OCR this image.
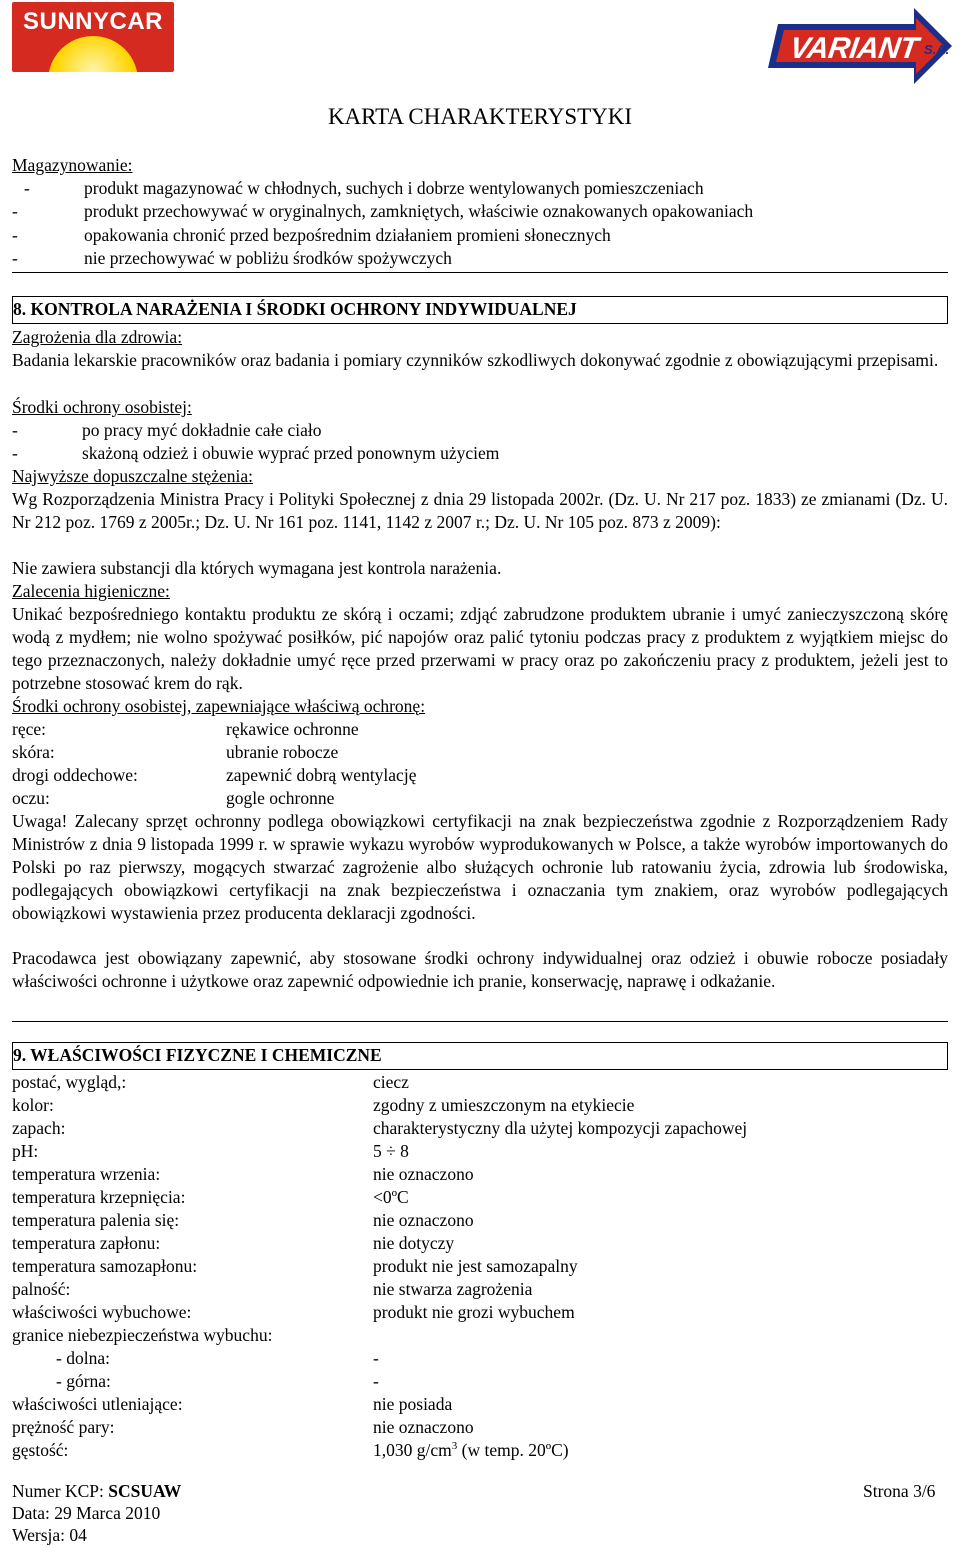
SUNNYCAR
VARIANT S.A.
KARTA CHARAKTERYSTYKI
Magazynowanie:
-	produkt magazynować w chłodnych, suchych i dobrze wentylowanych pomieszczeniach
-	produkt przechowywać w oryginalnych, zamkniętych, właściwie oznakowanych opakowaniach
-	opakowania chronić przed bezpośrednim działaniem promieni słonecznych
-	nie przechowywać w pobliżu środków spożywczych
8. KONTROLA NARAŻENIA I ŚRODKI OCHRONY INDYWIDUALNEJ
Zagrożenia dla zdrowia:
Badania lekarskie pracowników oraz badania i pomiary czynników szkodliwych dokonywać zgodnie z obowiązującymi przepisami.
Środki ochrony osobistej:
-	po pracy myć dokładnie całe ciało
-	skażoną odzież i obuwie wyprać przed ponownym użyciem
Najwyższe dopuszczalne stężenia:
Wg Rozporządzenia Ministra Pracy i Polityki Społecznej z dnia 29 listopada 2002r. (Dz. U. Nr 217 poz. 1833) ze zmianami (Dz. U. Nr 212 poz. 1769 z 2005r.; Dz. U. Nr 161 poz. 1141, 1142 z 2007 r.; Dz. U. Nr 105 poz. 873 z 2009):
Nie zawiera substancji dla których wymagana jest kontrola narażenia.
Zalecenia higieniczne:
Unikać bezpośredniego kontaktu produktu ze skórą i oczami; zdjąć zabrudzone produktem ubranie i umyć zanieczyszczoną skórę wodą z mydłem; nie wolno spożywać posiłków, pić napojów oraz palić tytoniu podczas pracy z produktem z wyjątkiem miejsc do tego przeznaczonych, należy dokładnie umyć ręce przed przerwami w pracy oraz po zakończeniu pracy z produktem, jeżeli jest to potrzebne stosować krem do rąk.
Środki ochrony osobistej, zapewniające właściwą ochronę:
ręce:	rękawice ochronne
skóra:	ubranie robocze
drogi oddechowe:	zapewnić dobrą wentylację
oczu:	gogle ochronne
Uwaga! Zalecany sprzęt ochronny podlega obowiązkowi certyfikacji na znak bezpieczeństwa zgodnie z Rozporządzeniem Rady Ministrów z dnia 9 listopada 1999 r. w sprawie wykazu wyrobów wyprodukowanych w Polsce, a także wyrobów importowanych do Polski po raz pierwszy, mogących stwarzać zagrożenie albo służących ochronie lub ratowaniu życia, zdrowia lub środowiska, podlegających obowiązkowi certyfikacji na znak bezpieczeństwa i oznaczania tym znakiem, oraz wyrobów podlegających obowiązkowi wystawienia przez producenta deklaracji zgodności.
Pracodawca jest obowiązany zapewnić, aby stosowane środki ochrony indywidualnej oraz odzież i obuwie robocze posiadały właściwości ochronne i użytkowe oraz zapewnić odpowiednie ich pranie, konserwację, naprawę i odkażanie.
9. WŁAŚCIWOŚCI FIZYCZNE I CHEMICZNE
postać, wygląd,:	ciecz
kolor:	zgodny z umieszczonym na etykiecie
zapach:	charakterystyczny dla użytej kompozycji zapachowej
pH:	5 ÷ 8
temperatura wrzenia:	nie oznaczono
temperatura krzepnięcia:	<0ºC
temperatura palenia się:	nie oznaczono
temperatura zapłonu:	nie dotyczy
temperatura samozapłonu:	produkt nie jest samozapalny
palność:	nie stwarza zagrożenia
właściwości wybuchowe:	produkt nie grozi wybuchem
granice niebezpieczeństwa wybuchu:
- dolna:	-
- górna:	-
właściwości utleniające:	nie posiada
prężność pary:	nie oznaczono
gęstość:	1,030 $g/cm^3$ (w temp. 20ºC)
Numer KCP: SCSUAW
Data: 29 Marca 2010
Wersja: 04
Strona 3/6
